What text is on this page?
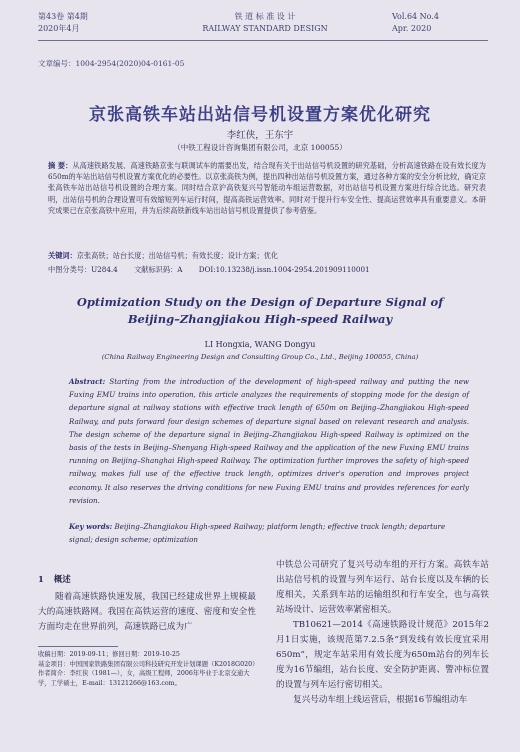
第43卷 第4期
2020年4月
铁 道 标 准 设 计
RAILWAY STANDARD DESIGN
Vol.64 No.4
Apr. 2020
文章编号：1004-2954(2020)04-0161-05
京张高铁车站出站信号机设置方案优化研究
李红侠，王东宇
（中铁工程设计咨询集团有限公司，北京 100055）
摘 要：从高速铁路发展、高速铁路京张与联调试车的需要出发，结合现有关于出站信号机设置的研究基础，分析高速铁路在设有效长度为650m的车站出站信号机设置方案优化的必要性。以京张高铁为例，提出四种出站信号机设置方案，通过各种方案的安全分析比较，确定京张高铁车站出站信号机设置的合理方案。同时结合京沪高铁复兴号智能动车组运营数据，对出站信号机设置方案进行综合比选。研究表明，出站信号机的合理设置可有效缩短列车运行时间，提高高铁运营效率。同时对于提升行车安全性、提高运营效率具有重要意义。本研究成果已在京张高铁中应用，并为后续高铁新线车站出站信号机设置提供了参考借鉴。
关键词：京张高铁；站台长度；出站信号机；有效长度；设计方案；优化
中图分类号：U284.4 文献标识码：A DOI:10.13238/j.issn.1004-2954.201909110001
Optimization Study on the Design of Departure Signal of
Beijing–Zhangjiakou High-speed Railway
LI Hongxia, WANG Dongyu
(China Railway Engineering Design and Consulting Group Co., Ltd., Beijing 100055, China)
Abstract: Starting from the introduction of the development of high-speed railway and putting the new Fuxing EMU trains into operation, this article analyzes the requirements of stopping mode for the design of departure signal at railway stations with effective track length of 650m on Beijing–Zhangjiakou High-speed Railway, and puts forward four design schemes of departure signal based on relevant research and analysis. The design scheme of the departure signal in Beijing–Zhangjiakou High-speed Railway is optimized on the basis of the tests in Beijing–Shenyang High-speed Railway and the application of the new Fuxing EMU trains running on Beijing–Shanghai High-speed Railway. The optimization further improves the safety of high-speed railway, makes full use of the effective track length, optimizes driver's operation and improves project economy. It also reserves the driving conditions for new Fuxing EMU trains and provides references for early revision.
Key words: Beijing–Zhangjiakou High-speed Railway; platform length; effective track length; departure signal; design scheme; optimization
1 概述

随着高速铁路快速发展，我国已经建成世界上规模最大的高速铁路网。我国在高铁运营的速度、密度和安全性方面均走在世界前列，高速铁路已成为广

收稿日期：2019-09-11；修回日期：2019-10-25
基金项目：中国国家铁路集团有限公司科技研究开发计划课题（K2018G020）
作者简介：李红侠（1981—），女，高级工程师，2006年毕业于北京交通大学，工学硕士，E-mail：13121266@163.com。

中铁总公司研究了复兴号动车组的开行方案。高铁车站出站信号机的设置与列车运行、站台长度以及车辆的长度相关，关系到车站的运输组织和行车安全，也与高铁站场设计、运营效率紧密相关。

TB10621—2014《高速铁路设计规范》2015年2月1日实施，该规范第7.2.5条“到发线有效长度宜采用650m”，规定车站采用有效长度为650m站台的列车长度为16节编组，站台长度、安全防护距离、警冲标位置的设置与列车运行密切相关。

复兴号动车组上线运营后，根据16节编组动车
